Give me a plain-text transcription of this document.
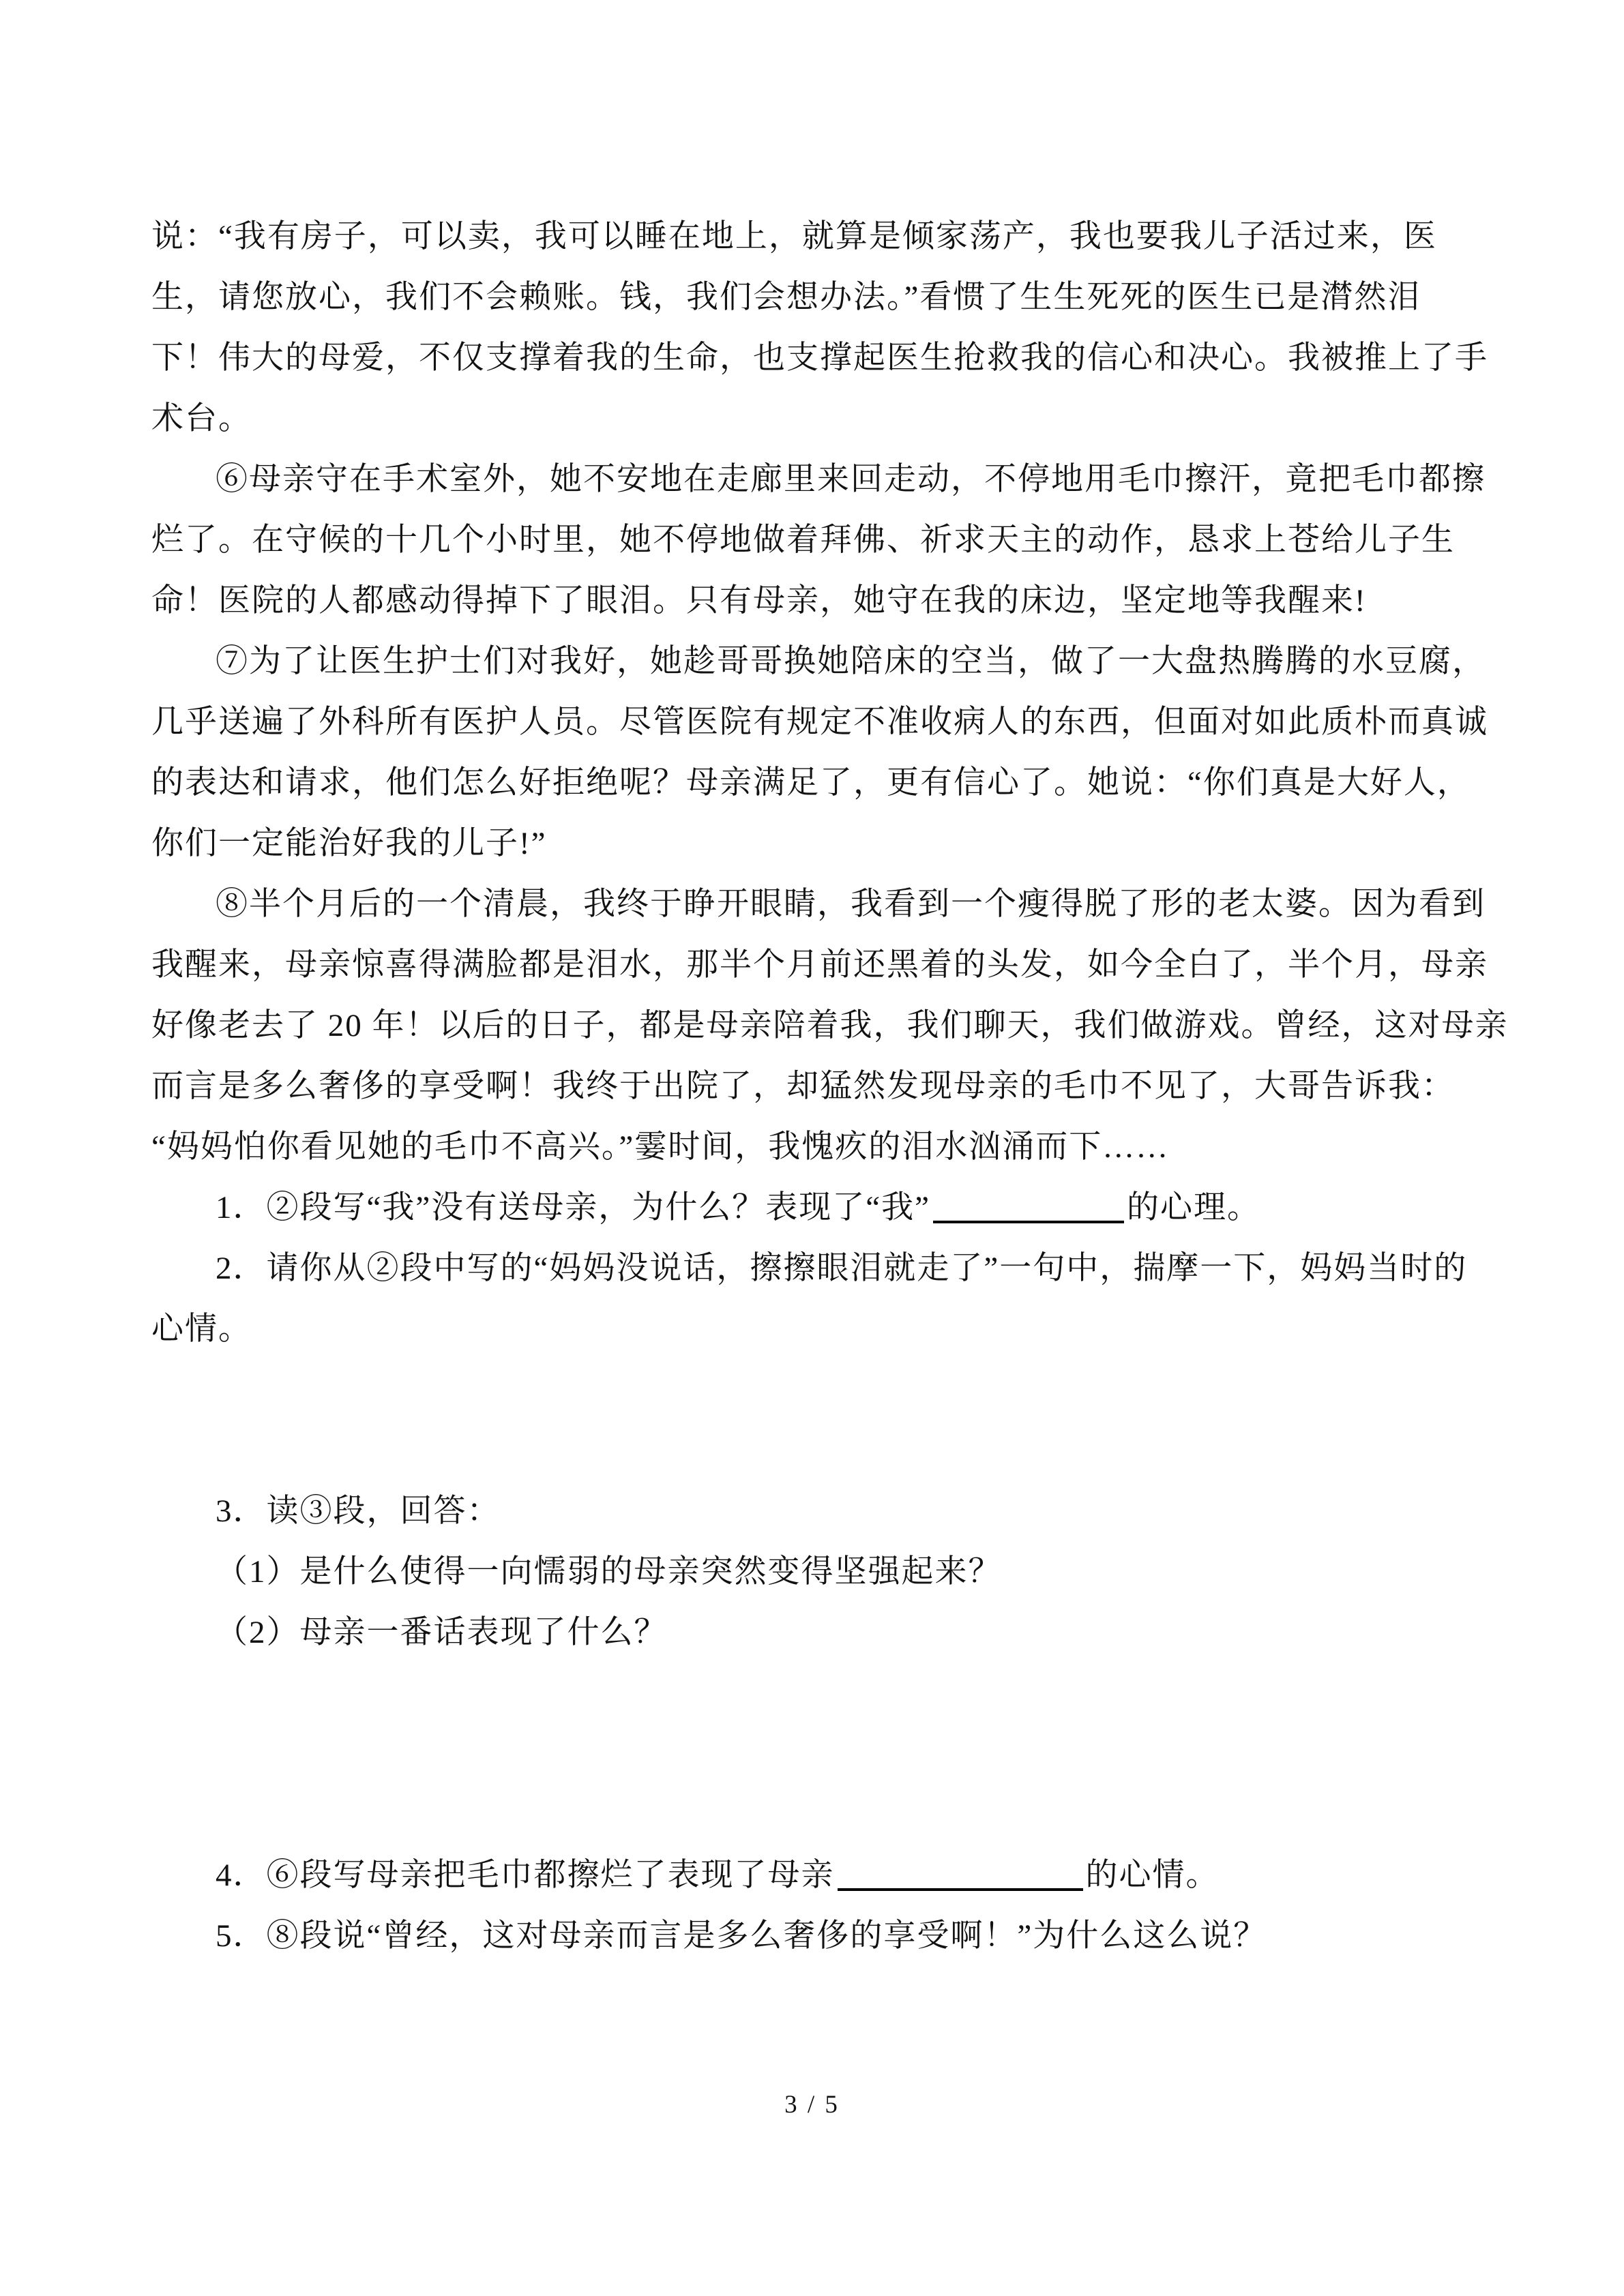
说：“我有房子，可以卖，我可以睡在地上，就算是倾家荡产，我也要我儿子活过来，医
生，请您放心，我们不会赖账。钱，我们会想办法。”看惯了生生死死的医生已是潸然泪
下！伟大的母爱，不仅支撑着我的生命，也支撑起医生抢救我的信心和决心。我被推上了手
术台。
⑥母亲守在手术室外，她不安地在走廊里来回走动，不停地用毛巾擦汗，竟把毛巾都擦
烂了。在守候的十几个小时里，她不停地做着拜佛、祈求天主的动作，恳求上苍给儿子生
命！医院的人都感动得掉下了眼泪。只有母亲，她守在我的床边，坚定地等我醒来!
⑦为了让医生护士们对我好，她趁哥哥换她陪床的空当，做了一大盘热腾腾的水豆腐，
几乎送遍了外科所有医护人员。尽管医院有规定不准收病人的东西，但面对如此质朴而真诚
的表达和请求，他们怎么好拒绝呢？母亲满足了，更有信心了。她说：“你们真是大好人，
你们一定能治好我的儿子!”
⑧半个月后的一个清晨，我终于睁开眼睛，我看到一个瘦得脱了形的老太婆。因为看到
我醒来，母亲惊喜得满脸都是泪水，那半个月前还黑着的头发，如今全白了，半个月，母亲
好像老去了 20 年！以后的日子，都是母亲陪着我，我们聊天，我们做游戏。曾经，这对母亲
而言是多么奢侈的享受啊！我终于出院了，却猛然发现母亲的毛巾不见了，大哥告诉我：
“妈妈怕你看见她的毛巾不高兴。”霎时间，我愧疚的泪水汹涌而下……
1．②段写“我”没有送母亲，为什么？表现了“我”	的心理。
2．请你从②段中写的“妈妈没说话，擦擦眼泪就走了”一句中，揣摩一下，妈妈当时的
心情。
3．读③段，回答：
（1）是什么使得一向懦弱的母亲突然变得坚强起来？
（2）母亲一番话表现了什么？
4．⑥段写母亲把毛巾都擦烂了表现了母亲	的心情。
5．⑧段说“曾经，这对母亲而言是多么奢侈的享受啊！”为什么这么说？
3 / 5
